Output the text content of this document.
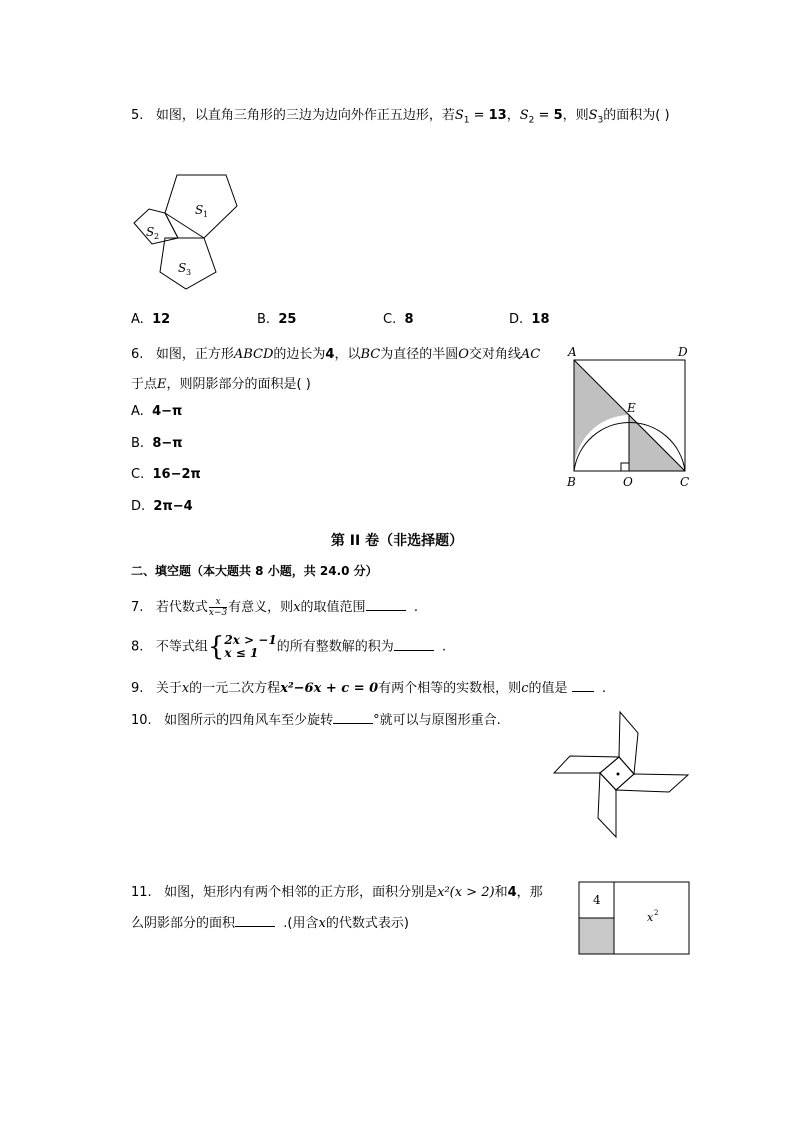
5. 如图，以直角三角形的三边为边向外作正五边形，若$S_1 = 13$，$S_2 = 5$，则$S_3$的面积为( )
S 1
S 2
S 3
A. 12	B. 25	C. 8	D. 18
6. 如图，正方形ABCD的边长为4，以BC为直径的半圆O交对角线AC
于点E，则阴影部分的面积是( )
A. 4−π
B. 8−π
C. 16−2π
D. 2π−4
A	D
E
B	O	C
第 II 卷（非选择题）
二、填空题（本大题共 8 小题，共 24.0 分）
7. 若代数式 $\frac{x}{x-3}$ 有意义，则x的取值范围	.
8. 不等式组{ 2x > −1
x ≤ 1	的所有整数解的积为	.
9. 关于x的一元二次方程x²−6x + c = 0有两个相等的实数根，则c的值是	.
10. 如图所示的四角风车至少旋转	°就可以与原图形重合.
11. 如图，矩形内有两个相邻的正方形，面积分别是x²(x > 2)和4，那
么阴影部分的面积	.(用含x的代数式表示)
4
x 2
